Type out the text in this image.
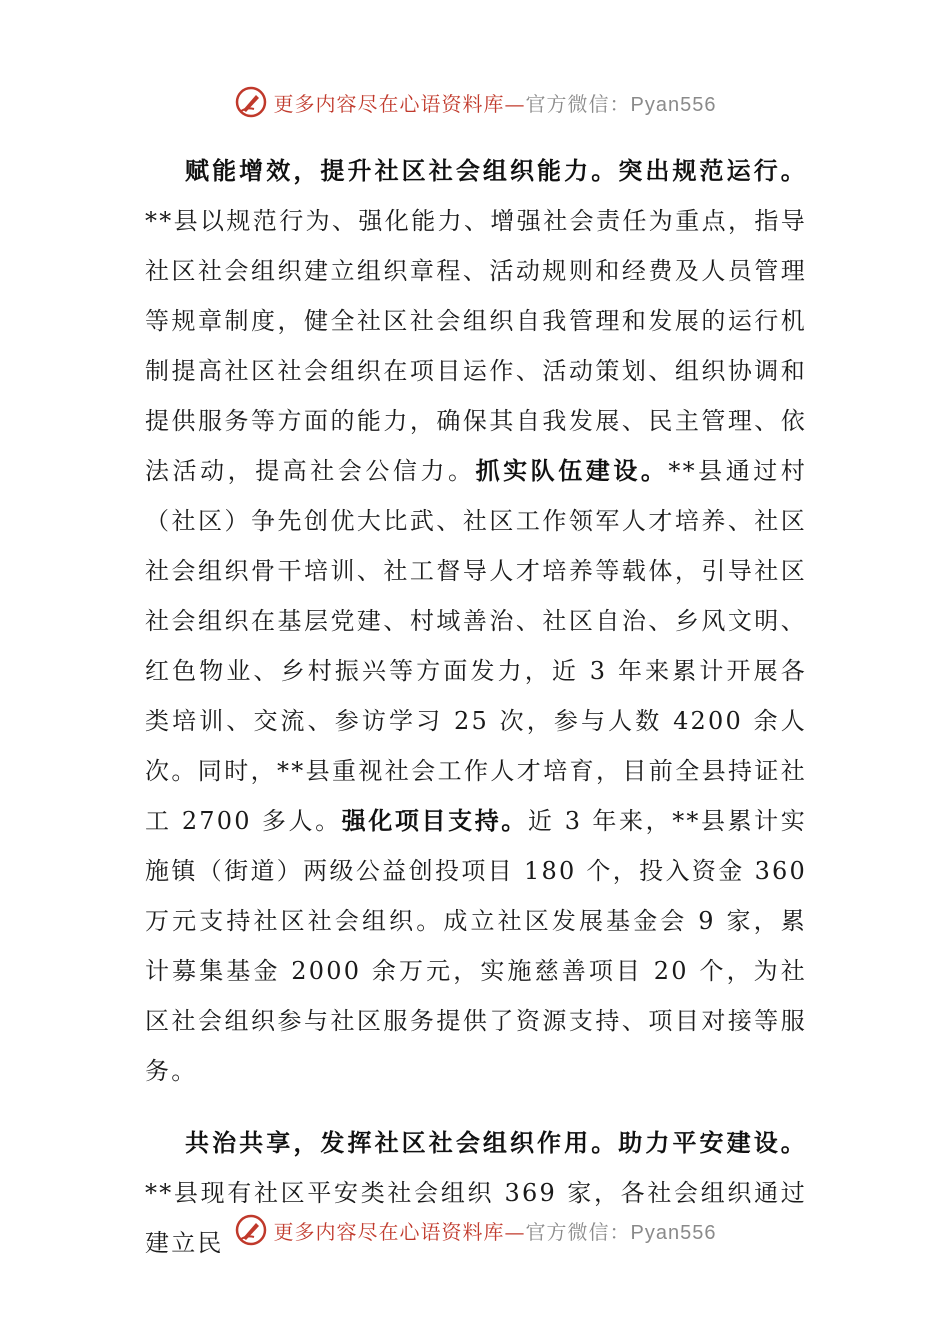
更多内容尽在心语资料库—官方微信：Pyan556

赋能增效，提升社区社会组织能力。突出规范运行。**县以规范行为、强化能力、增强社会责任为重点，指导社区社会组织建立组织章程、活动规则和经费及人员管理等规章制度，健全社区社会组织自我管理和发展的运行机制提高社区社会组织在项目运作、活动策划、组织协调和提供服务等方面的能力，确保其自我发展、民主管理、依法活动，提高社会公信力。抓实队伍建设。**县通过村（社区）争先创优大比武、社区工作领军人才培养、社区社会组织骨干培训、社工督导人才培养等载体，引导社区社会组织在基层党建、村域善治、社区自治、乡风文明、红色物业、乡村振兴等方面发力，近 3 年来累计开展各类培训、交流、参访学习 25 次，参与人数 4200 余人次。同时，**县重视社会工作人才培育，目前全县持证社工 2700 多人。强化项目支持。近 3 年来，**县累计实施镇（街道）两级公益创投项目 180 个，投入资金 360 万元支持社区社会组织。成立社区发展基金会 9 家，累计募集基金 2000 余万元，实施慈善项目 20 个，为社区社会组织参与社区服务提供了资源支持、项目对接等服务。

共治共享，发挥社区社会组织作用。助力平安建设。**县现有社区平安类社会组织 369 家，各社会组织通过建立民	更多内容尽在心语资料库—官方微信：Pyan556
